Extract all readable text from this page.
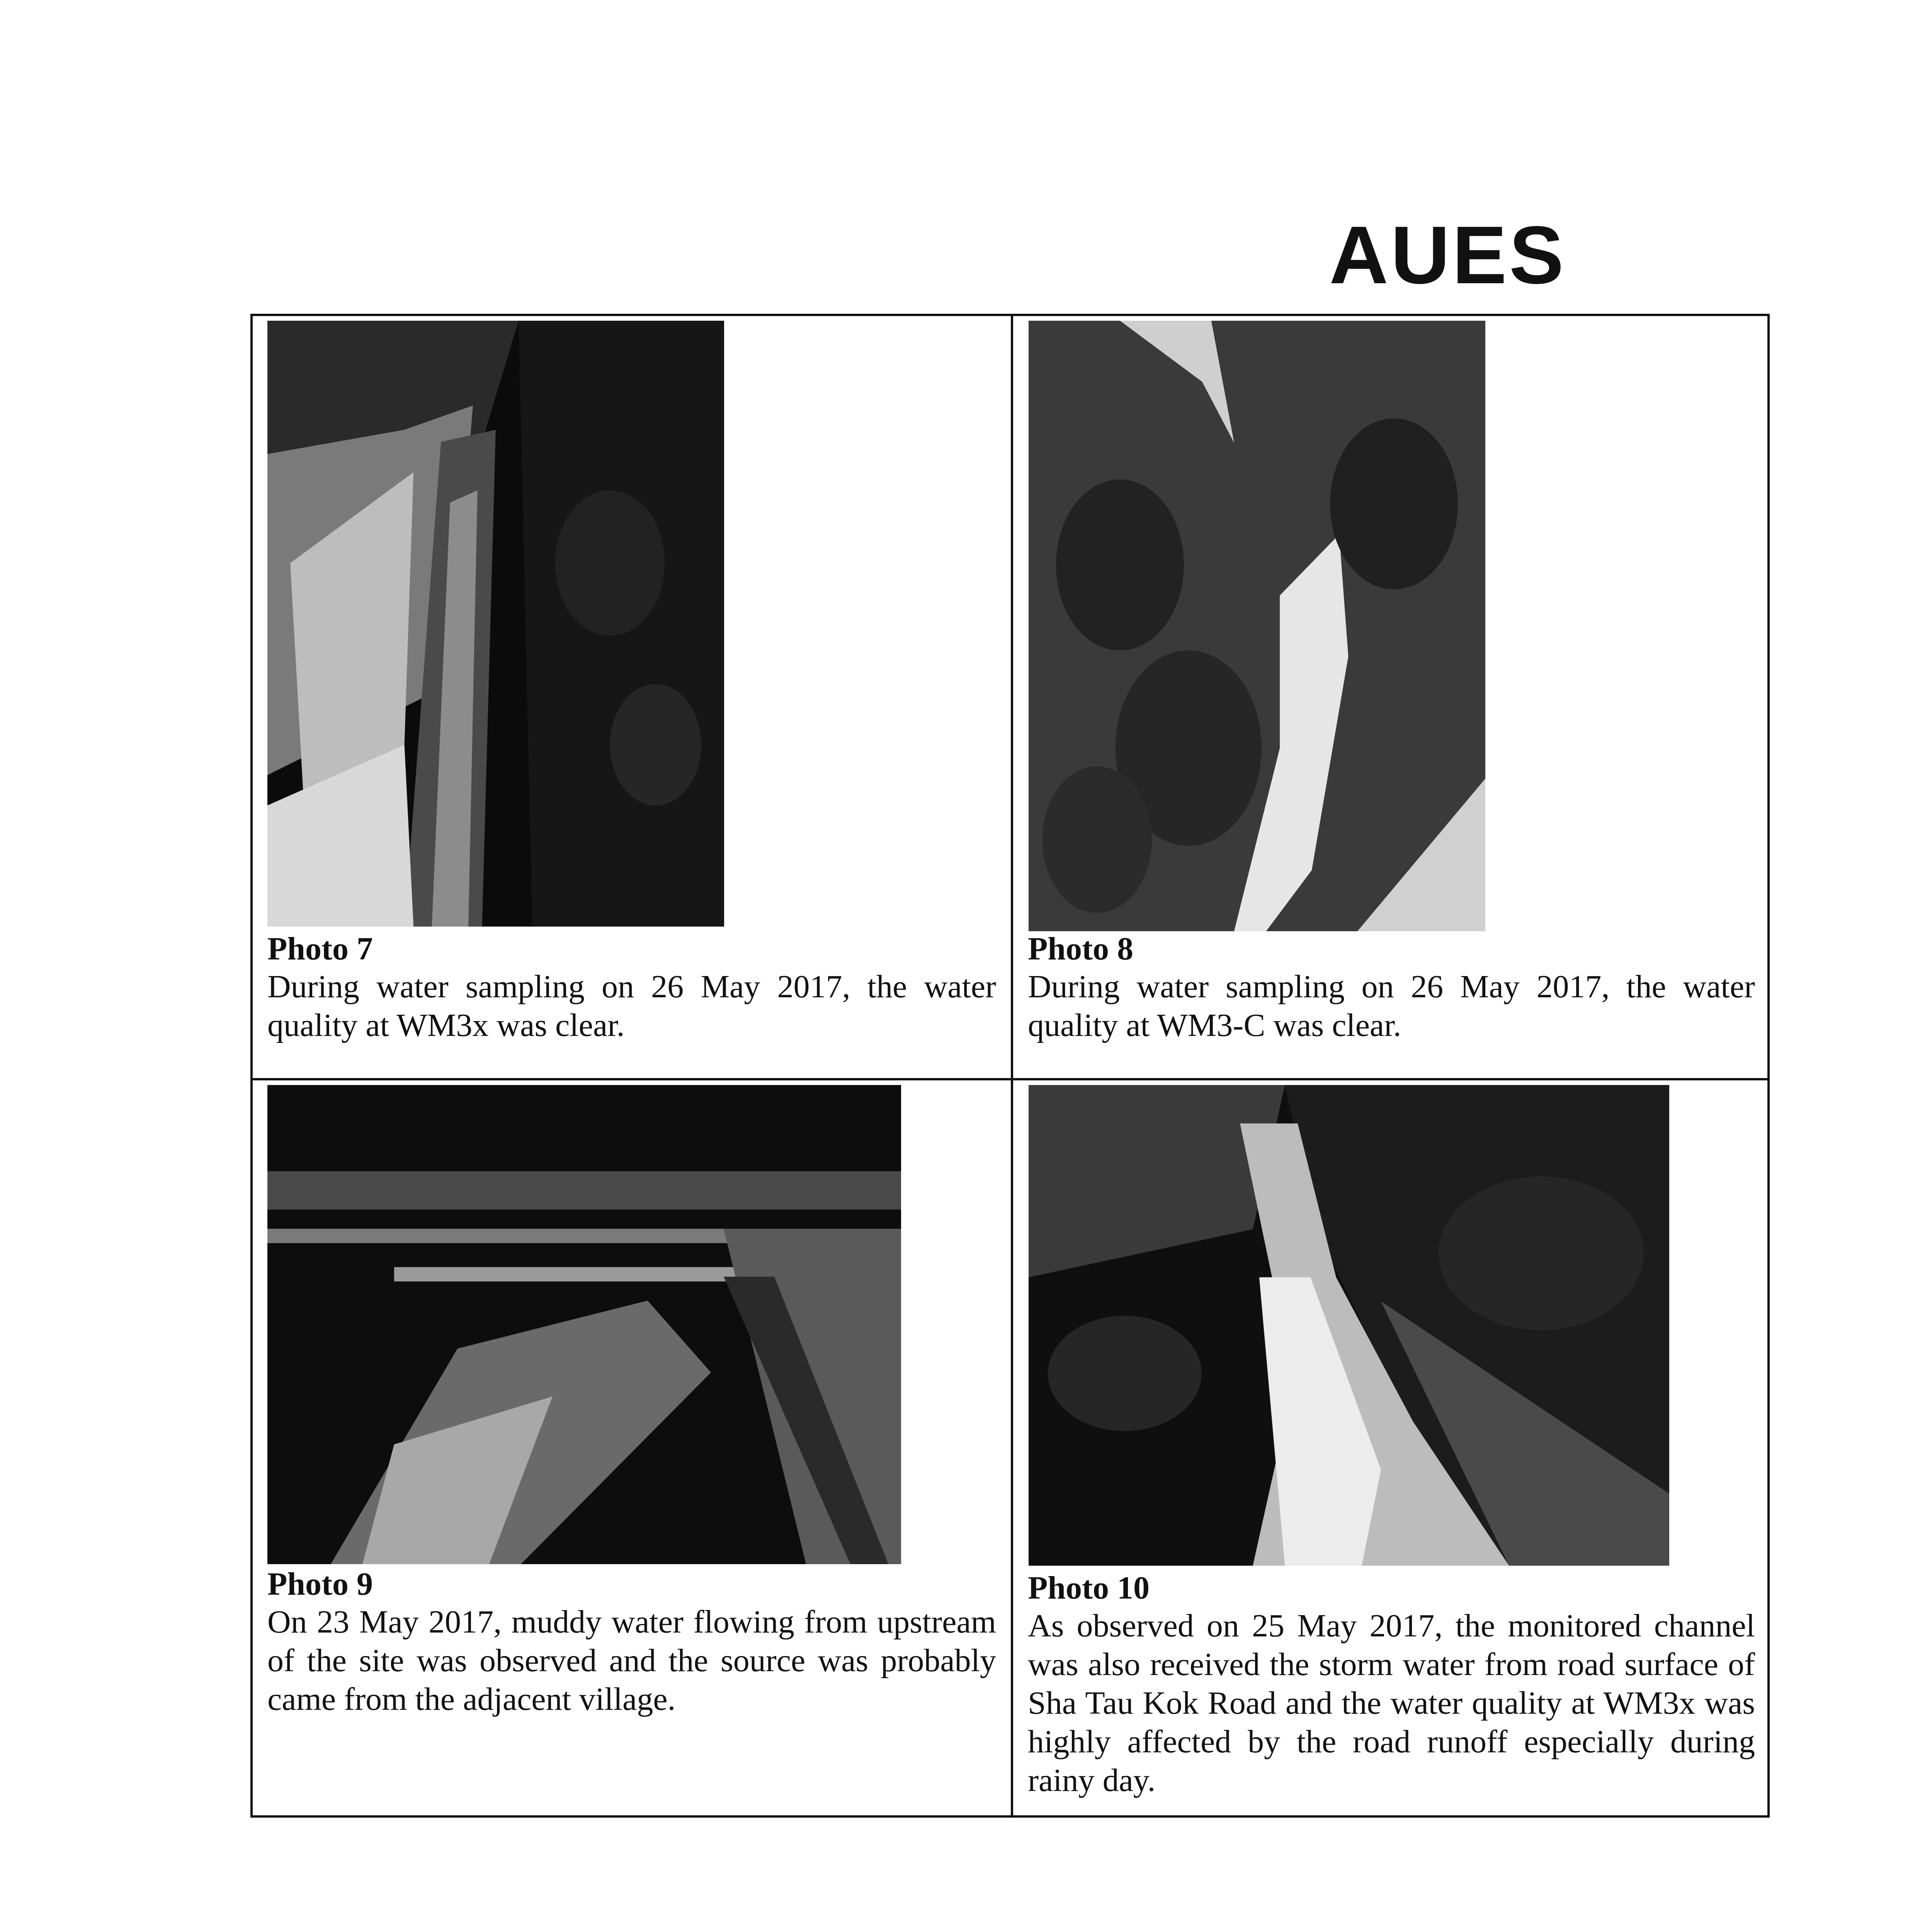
AUES
Photo 7
During water sampling on 26 May 2017, the water quality at WM3x was clear.
Photo 8
During water sampling on 26 May 2017, the water quality at WM3-C was clear.
Photo 9
On 23 May 2017, muddy water flowing from upstream of the site was observed and the source was probably came from the adjacent village.
Photo 10
As observed on 25 May 2017, the monitored channel was also received the storm water from road surface of Sha Tau Kok Road and the water quality at WM3x was highly affected by the road runoff especially during rainy day.
